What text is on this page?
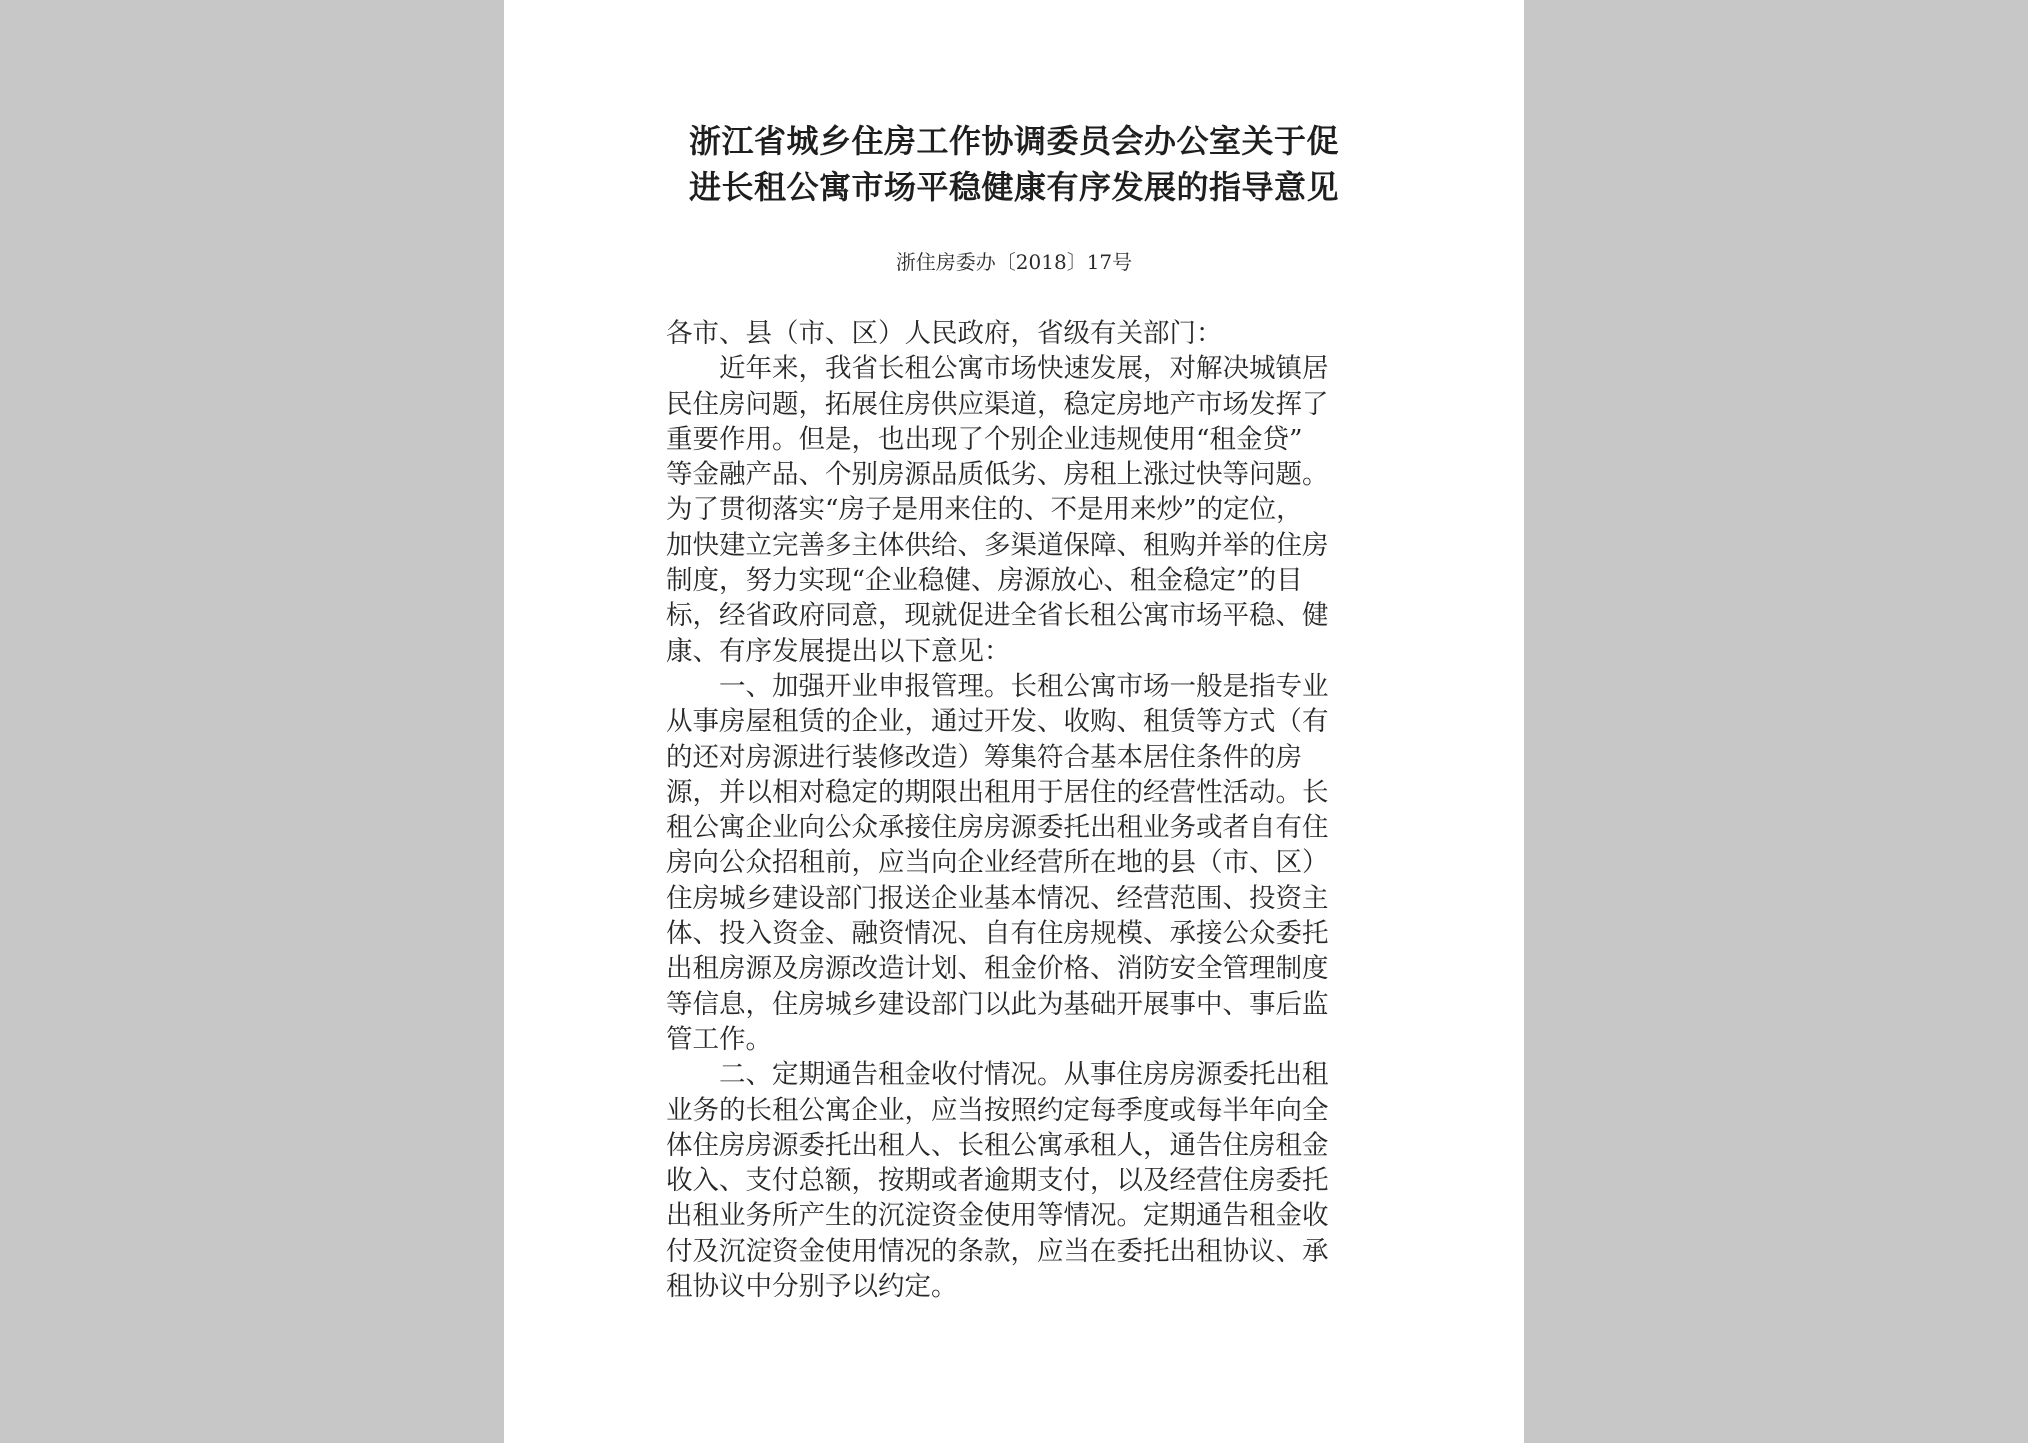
浙江省城乡住房工作协调委员会办公室关于促
进长租公寓市场平稳健康有序发展的指导意见
浙住房委办〔2018〕17号
各市、县（市、区）人民政府，省级有关部门：
近年来，我省长租公寓市场快速发展，对解决城镇居
民住房问题，拓展住房供应渠道，稳定房地产市场发挥了
重要作用。但是，也出现了个别企业违规使用“租金贷”
等金融产品、个别房源品质低劣、房租上涨过快等问题。
为了贯彻落实“房子是用来住的、不是用来炒”的定位，
加快建立完善多主体供给、多渠道保障、租购并举的住房
制度，努力实现“企业稳健、房源放心、租金稳定”的目
标，经省政府同意，现就促进全省长租公寓市场平稳、健
康、有序发展提出以下意见：
一、加强开业申报管理。长租公寓市场一般是指专业
从事房屋租赁的企业，通过开发、收购、租赁等方式（有
的还对房源进行装修改造）筹集符合基本居住条件的房
源，并以相对稳定的期限出租用于居住的经营性活动。长
租公寓企业向公众承接住房房源委托出租业务或者自有住
房向公众招租前，应当向企业经营所在地的县（市、区）
住房城乡建设部门报送企业基本情况、经营范围、投资主
体、投入资金、融资情况、自有住房规模、承接公众委托
出租房源及房源改造计划、租金价格、消防安全管理制度
等信息，住房城乡建设部门以此为基础开展事中、事后监
管工作。
二、定期通告租金收付情况。从事住房房源委托出租
业务的长租公寓企业，应当按照约定每季度或每半年向全
体住房房源委托出租人、长租公寓承租人，通告住房租金
收入、支付总额，按期或者逾期支付，以及经营住房委托
出租业务所产生的沉淀资金使用等情况。定期通告租金收
付及沉淀资金使用情况的条款，应当在委托出租协议、承
租协议中分别予以约定。
